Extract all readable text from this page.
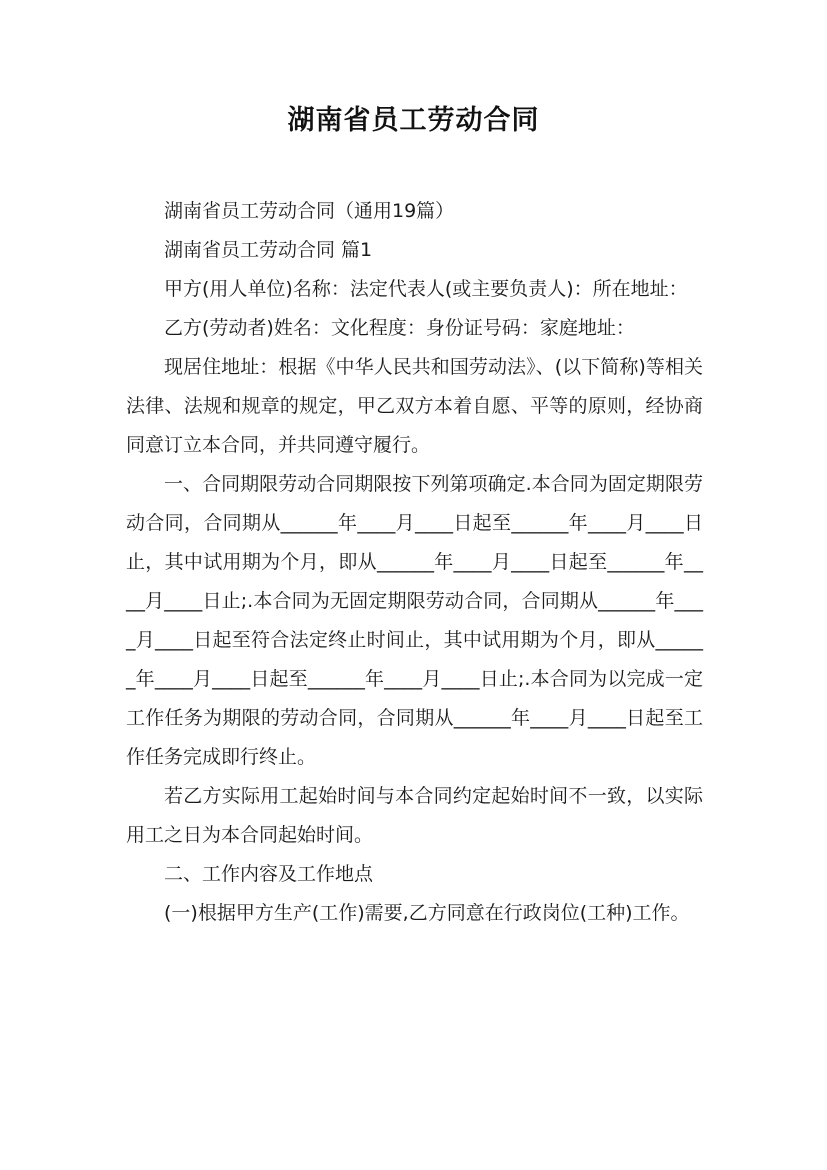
湖南省员工劳动合同

湖南省员工劳动合同（通用19篇）

湖南省员工劳动合同 篇1

甲方(用人单位)名称：法定代表人(或主要负责人)：所在地址：

乙方(劳动者)姓名：文化程度：身份证号码：家庭地址：

现居住地址：根据《中华人民共和国劳动法》、(以下简称)等相关法律、法规和规章的规定，甲乙双方本着自愿、平等的原则，经协商同意订立本合同，并共同遵守履行。

一、合同期限劳动合同期限按下列第项确定.本合同为固定期限劳动合同，合同期从______年____月____日起至______年____月____日止，其中试用期为个月，即从______年____月____日起至______年____月____日止;.本合同为无固定期限劳动合同，合同期从______年____月____日起至符合法定终止时间止，其中试用期为个月，即从______年____月____日起至______年____月____日止;.本合同为以完成一定工作任务为期限的劳动合同，合同期从______年____月____日起至工作任务完成即行终止。

若乙方实际用工起始时间与本合同约定起始时间不一致，以实际用工之日为本合同起始时间。

二、工作内容及工作地点

(一)根据甲方生产(工作)需要,乙方同意在行政岗位(工种)工作。
